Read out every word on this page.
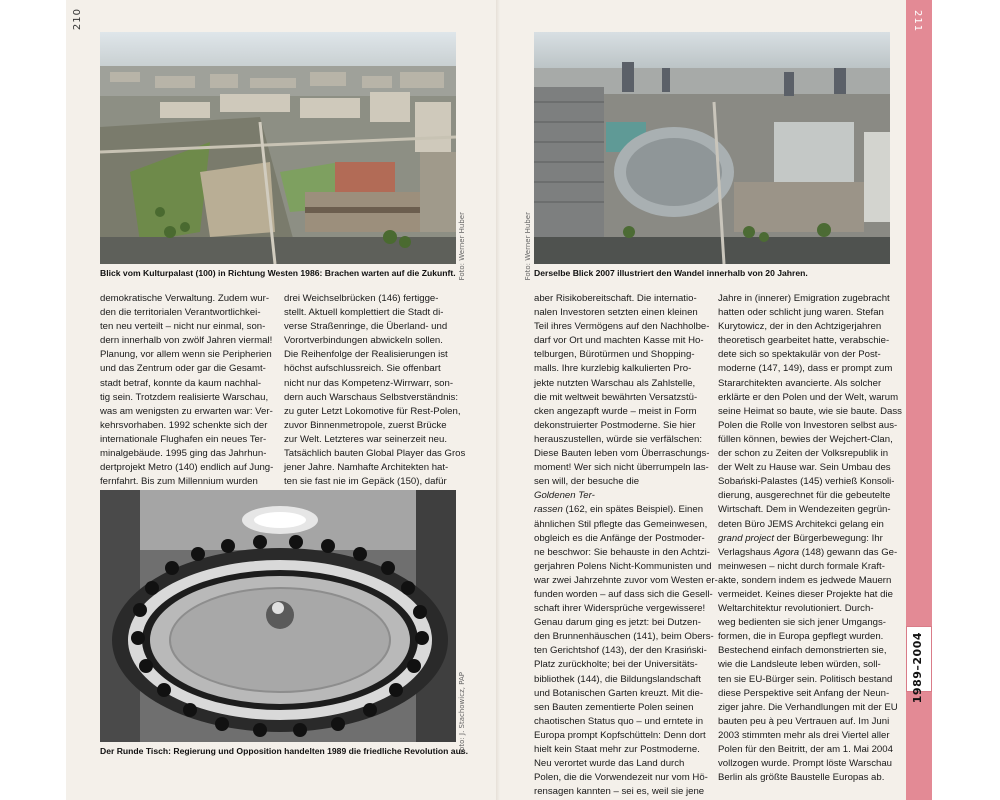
210	211
1989–2004
Foto: Werner Huber
Blick vom Kulturpalast (100) in Richtung Westen 1986: Brachen warten auf die Zukunft.	Foto: Werner Huber Derselbe Blick 2007 illustriert den Wandel innerhalb von 20 Jahren.
Foto: J. Stachowicz, PAP
Der Runde Tisch: Regierung und Opposition handelten 1989 die friedliche Revolution aus.
demokratische Verwaltung. Zudem wur-
den die territorialen Verantwortlichkei-
ten neu verteilt – nicht nur einmal, son-
dern innerhalb von zwölf Jahren viermal!
Planung, vor allem wenn sie Peripherien
und das Zentrum oder gar die Gesamt-
stadt betraf, konnte da kaum nachhal-
tig sein. Trotzdem realisierte Warschau,
was am wenigsten zu erwarten war: Ver-
kehrsvorhaben. 1992 schenkte sich der
internationale Flughafen ein neues Ter-
minalgebäude. 1995 ging das Jahrhun-
dertprojekt Metro (140) endlich auf Jung-
fernfahrt. Bis zum Millennium wurden
drei Weichselbrücken (146) fertigge-
stellt. Aktuell komplettiert die Stadt di-
verse Straßenringe, die Überland- und
Vorortverbindungen abwickeln sollen.
Die Reihenfolge der Realisierungen ist
höchst aufschlussreich. Sie offenbart
nicht nur das Kompetenz-Wirrwarr, son-
dern auch Warschaus Selbstverständnis:
zu guter Letzt Lokomotive für Rest-Polen,
zuvor Binnenmetropole, zuerst Brücke
zur Welt. Letzteres war seinerzeit neu.
Tatsächlich bauten Global Player das Gros
jener Jahre. Namhafte Architekten hat-
ten sie fast nie im Gepäck (150), dafür
aber Risikobereitschaft. Die internatio-
nalen Investoren setzten einen kleinen
Teil ihres Vermögens auf den Nachholbe-
darf vor Ort und machten Kasse mit Ho-
telburgen, Bürotürmen und Shopping-
malls. Ihre kurzlebig kalkulierten Pro-
jekte nutzten Warschau als Zahlstelle,
die mit weltweit bewährten Versatzstü-
cken angezapft wurde – meist in Form
dekonstruierter Postmoderne. Sie hier
herauszustellen, würde sie verfälschen:
Diese Bauten leben vom Überraschungs-
moment! Wer sich nicht überrumpeln las-
sen will, der besuche die
Goldenen Ter-
rassen (162, ein spätes Beispiel). Einen
ähnlichen Stil pflegte das Gemeinwesen,
obgleich es die Anfänge der Postmoder-
ne beschwor: Sie behauste in den Achtzi-
gerjahren Polens Nicht-Kommunisten und
war zwei Jahrzehnte zuvor vom Westen er-
funden worden – auf dass sich die Gesell-
schaft ihrer Widersprüche vergewissere!
Genau darum ging es jetzt: bei Dutzen-
den Brunnenhäuschen (141), beim Obers-
ten Gerichtshof (143), der den Krasiński-
Platz zurückholte; bei der Universitäts-
bibliothek (144), die Bildungslandschaft
und Botanischen Garten kreuzt. Mit die-
sen Bauten zementierte Polen seinen
chaotischen Status quo – und erntete in
Europa prompt Kopfschütteln: Denn dort
hielt kein Staat mehr zur Postmoderne.
Neu verortet wurde das Land durch
Polen, die die Vorwendezeit nur vom Hö-
rensagen kannten – sei es, weil sie jene
Jahre in (innerer) Emigration zugebracht
hatten oder schlicht jung waren. Stefan
Kurytowicz, der in den Achtzigerjahren
theoretisch gearbeitet hatte, verabschie-
dete sich so spektakulär von der Post-
moderne (147, 149), dass er prompt zum
Stararchitekten avancierte. Als solcher
erklärte er den Polen und der Welt, warum
seine Heimat so baute, wie sie baute. Dass
Polen die Rolle von Investoren selbst aus-
füllen können, bewies der Wejchert-Clan,
der schon zu Zeiten der Volksrepublik in
der Welt zu Hause war. Sein Umbau des
Sobański-Palastes (145) verhieß Konsoli-
dierung, ausgerechnet für die gebeutelte
Wirtschaft. Dem in Wendezeiten gegrün-
deten Büro JEMS Architekci gelang ein
grand project der Bürgerbewegung: Ihr
Verlagshaus Agora (148) gewann das Ge-
meinwesen – nicht durch formale Kraft-
akte, sondern indem es jedwede Mauern
vermeidet. Keines dieser Projekte hat die
Weltarchitektur revolutioniert. Durch-
weg bedienten sie sich jener Umgangs-
formen, die in Europa gepflegt wurden.
Bestechend einfach demonstrierten sie,
wie die Landsleute leben würden, soll-
ten sie EU-Bürger sein. Politisch bestand
diese Perspektive seit Anfang der Neun-
ziger jahre. Die Verhandlungen mit der EU
bauten peu à peu Vertrauen auf. Im Juni
2003 stimmten mehr als drei Viertel aller
Polen für den Beitritt, der am 1. Mai 2004
vollzogen wurde. Prompt löste Warschau
Berlin als größte Baustelle Europas ab.
